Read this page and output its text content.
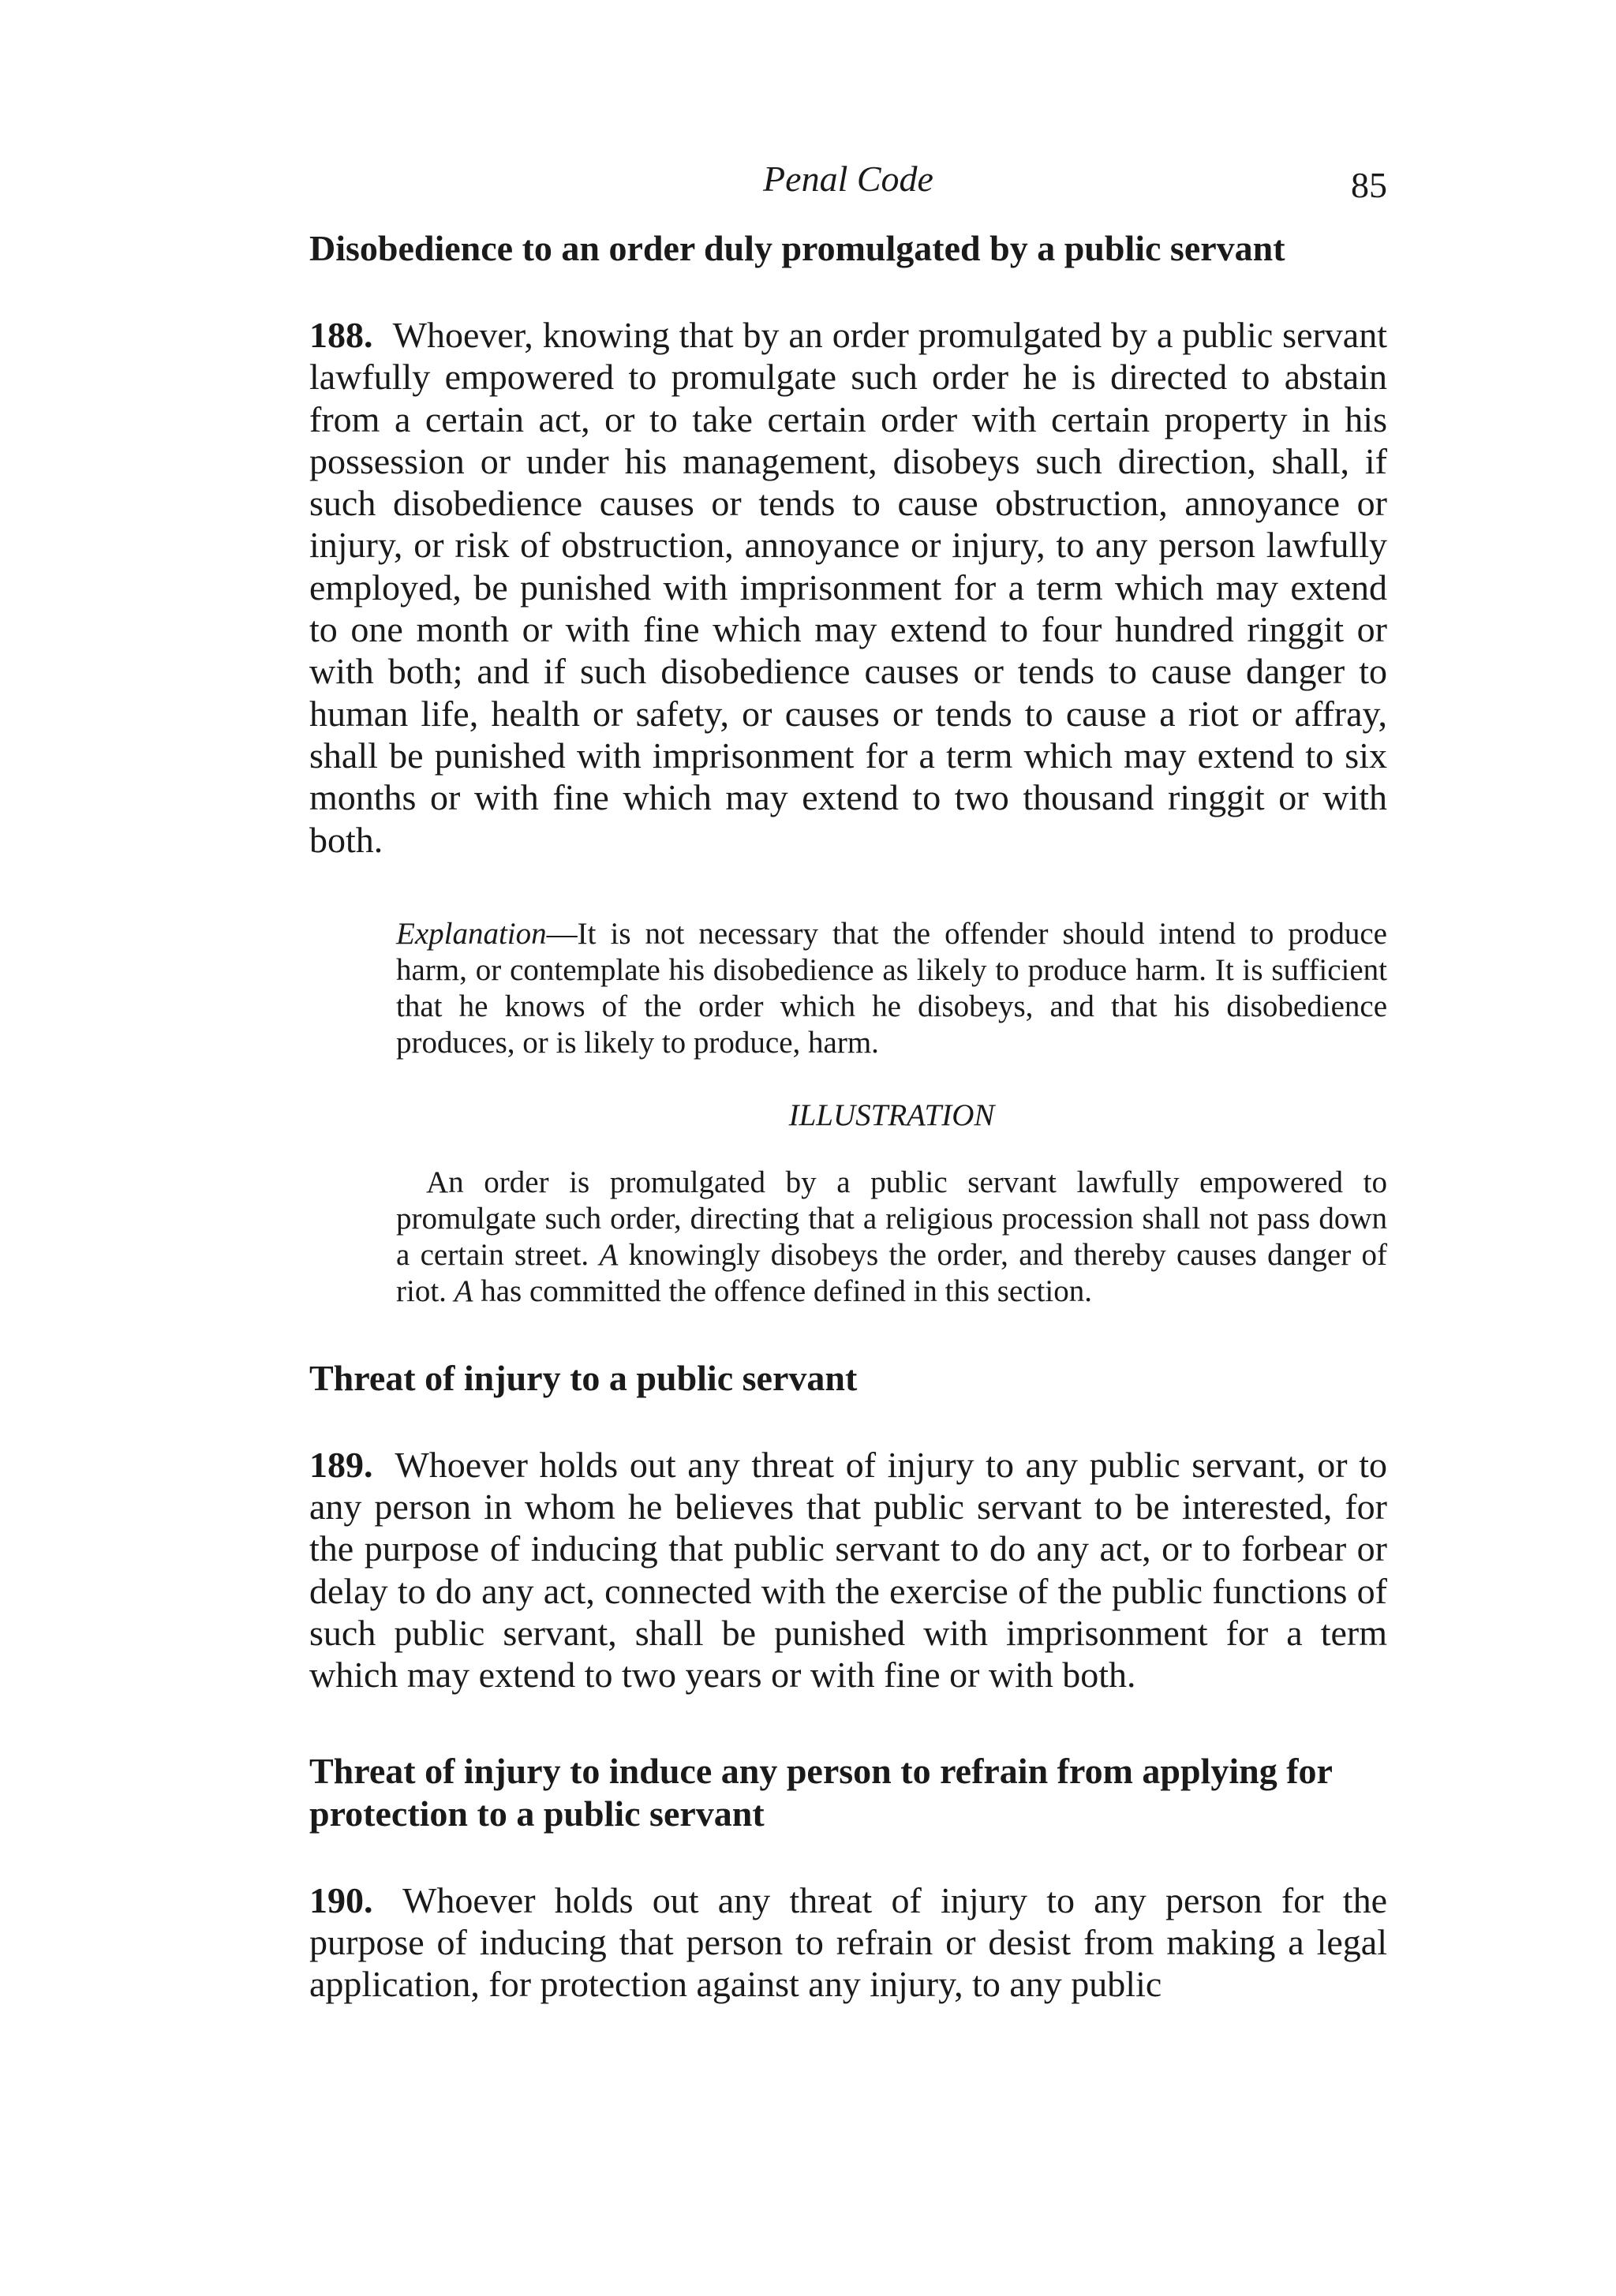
Penal Code	85
Disobedience to an order duly promulgated by a public servant

188. Whoever, knowing that by an order promulgated by a public servant lawfully empowered to promulgate such order he is directed to abstain from a certain act, or to take certain order with certain property in his possession or under his management, disobeys such direction, shall, if such disobedience causes or tends to cause obstruction, annoyance or injury, or risk of obstruction, annoyance or injury, to any person lawfully employed, be punished with imprisonment for a term which may extend to one month or with fine which may extend to four hundred ringgit or with both; and if such disobedience causes or tends to cause danger to human life, health or safety, or causes or tends to cause a riot or affray, shall be punished with imprisonment for a term which may extend to six months or with fine which may extend to two thousand ringgit or with both.

Explanation—It is not necessary that the offender should intend to produce harm, or contemplate his disobedience as likely to produce harm. It is sufficient that he knows of the order which he disobeys, and that his disobedience produces, or is likely to produce, harm.

ILLUSTRATION

An order is promulgated by a public servant lawfully empowered to promulgate such order, directing that a religious procession shall not pass down a certain street. A knowingly disobeys the order, and thereby causes danger of riot. A has committed the offence defined in this section.

Threat of injury to a public servant

189. Whoever holds out any threat of injury to any public servant, or to any person in whom he believes that public servant to be interested, for the purpose of inducing that public servant to do any act, or to forbear or delay to do any act, connected with the exercise of the public functions of such public servant, shall be punished with imprisonment for a term which may extend to two years or with fine or with both.

Threat of injury to induce any person to refrain from applying for protection to a public servant

190. Whoever holds out any threat of injury to any person for the purpose of inducing that person to refrain or desist from making a legal application, for protection against any injury, to any public
